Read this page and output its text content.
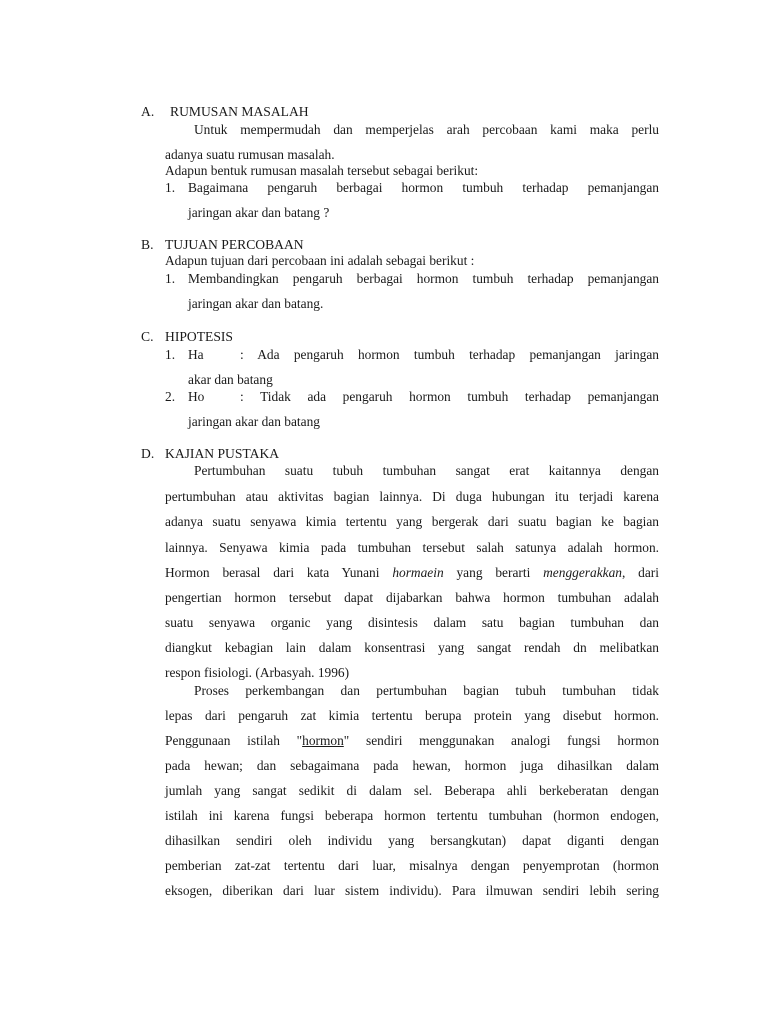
A. RUMUSAN MASALAH
Untuk mempermudah dan memperjelas arah percobaan kami maka perlu
adanya suatu rumusan masalah.
Adapun bentuk rumusan masalah tersebut sebagai berikut:
1. Bagaimana pengaruh berbagai hormon tumbuh terhadap pemanjangan
jaringan akar dan batang ?
B. TUJUAN PERCOBAAN
Adapun tujuan dari percobaan ini adalah sebagai berikut :
1. Membandingkan pengaruh berbagai hormon tumbuh terhadap pemanjangan
jaringan akar dan batang.
C. HIPOTESIS
1. Ha	: Ada pengaruh hormon tumbuh terhadap pemanjangan jaringan
akar dan batang
2. Ho	: Tidak ada pengaruh hormon tumbuh terhadap pemanjangan
jaringan akar dan batang
D. KAJIAN PUSTAKA
Pertumbuhan suatu tubuh tumbuhan sangat erat kaitannya dengan
pertumbuhan atau aktivitas bagian lainnya. Di duga hubungan itu terjadi karena
adanya suatu senyawa kimia tertentu yang bergerak dari suatu bagian ke bagian
lainnya. Senyawa kimia pada tumbuhan tersebut salah satunya adalah hormon.
Hormon berasal dari kata Yunani hormaein yang berarti menggerakkan, dari
pengertian hormon tersebut dapat dijabarkan bahwa hormon tumbuhan adalah
suatu senyawa organic yang disintesis dalam satu bagian tumbuhan dan
diangkut kebagian lain dalam konsentrasi yang sangat rendah dn melibatkan
respon fisiologi. (Arbasyah. 1996)
Proses perkembangan dan pertumbuhan bagian tubuh tumbuhan tidak
lepas dari pengaruh zat kimia tertentu berupa protein yang disebut hormon.
Penggunaan istilah "hormon" sendiri menggunakan analogi fungsi hormon
pada hewan; dan sebagaimana pada hewan, hormon juga dihasilkan dalam
jumlah yang sangat sedikit di dalam sel. Beberapa ahli berkeberatan dengan
istilah ini karena fungsi beberapa hormon tertentu tumbuhan (hormon endogen,
dihasilkan sendiri oleh individu yang bersangkutan) dapat diganti dengan
pemberian zat-zat tertentu dari luar, misalnya dengan penyemprotan (hormon
eksogen, diberikan dari luar sistem individu). Para ilmuwan sendiri lebih sering
